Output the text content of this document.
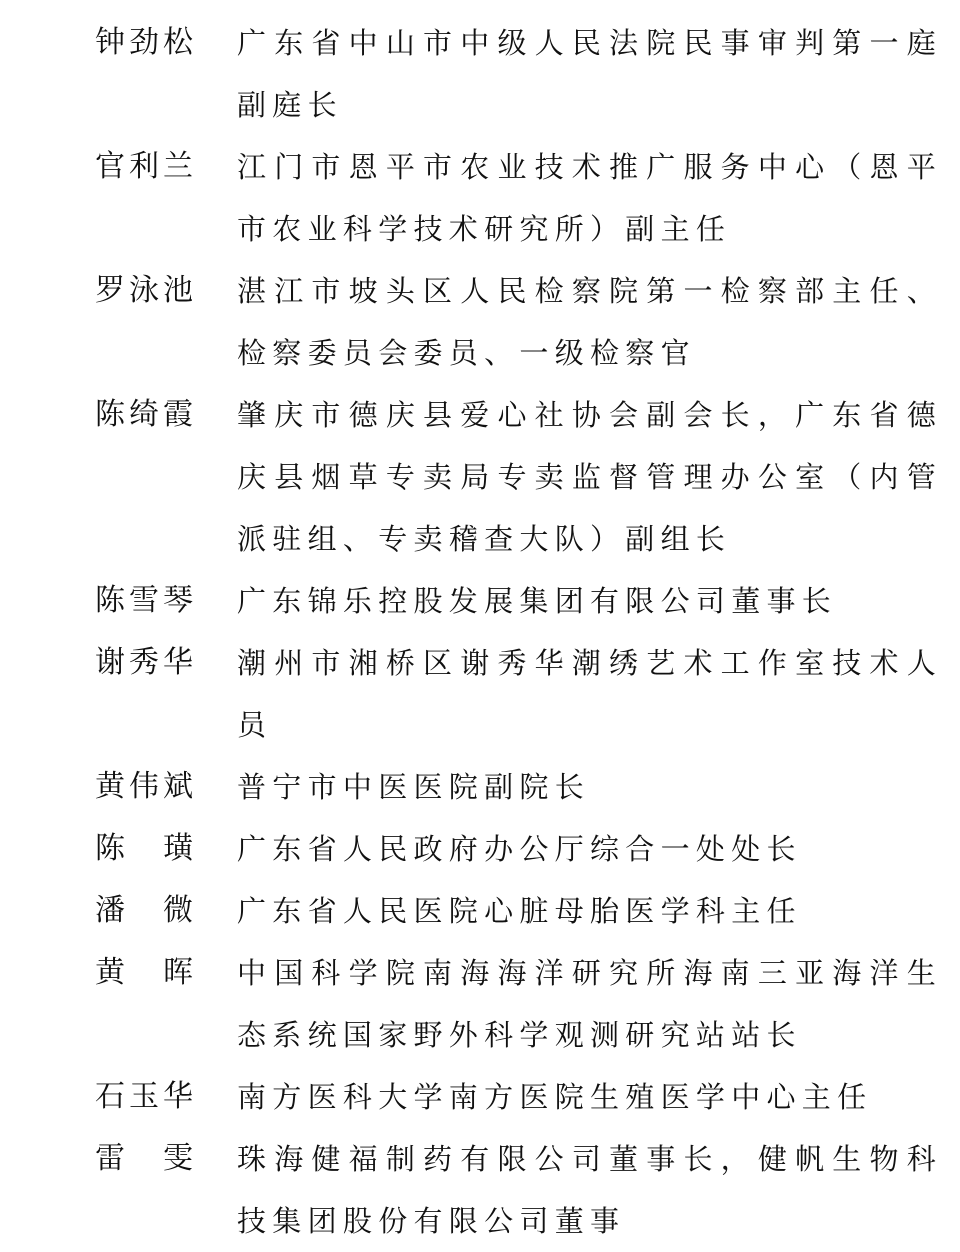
钟劲松	广东省中山市中级人民法院民事审判第一庭副庭长
官利兰	江门市恩平市农业技术推广服务中心（恩平市农业科学技术研究所）副主任
罗泳池	湛江市坡头区人民检察院第一检察部主任、检察委员会委员、一级检察官
陈绮霞	肇庆市德庆县爱心社协会副会长，广东省德庆县烟草专卖局专卖监督管理办公室（内管派驻组、专卖稽查大队）副组长
陈雪琴	广东锦乐控股发展集团有限公司董事长
谢秀华	潮州市湘桥区谢秀华潮绣艺术工作室技术人员
黄伟斌	普宁市中医医院副院长
陈　璜	广东省人民政府办公厅综合一处处长
潘　微	广东省人民医院心脏母胎医学科主任
黄　晖	中国科学院南海海洋研究所海南三亚海洋生态系统国家野外科学观测研究站站长
石玉华	南方医科大学南方医院生殖医学中心主任
雷　雯	珠海健福制药有限公司董事长，健帆生物科技集团股份有限公司董事
